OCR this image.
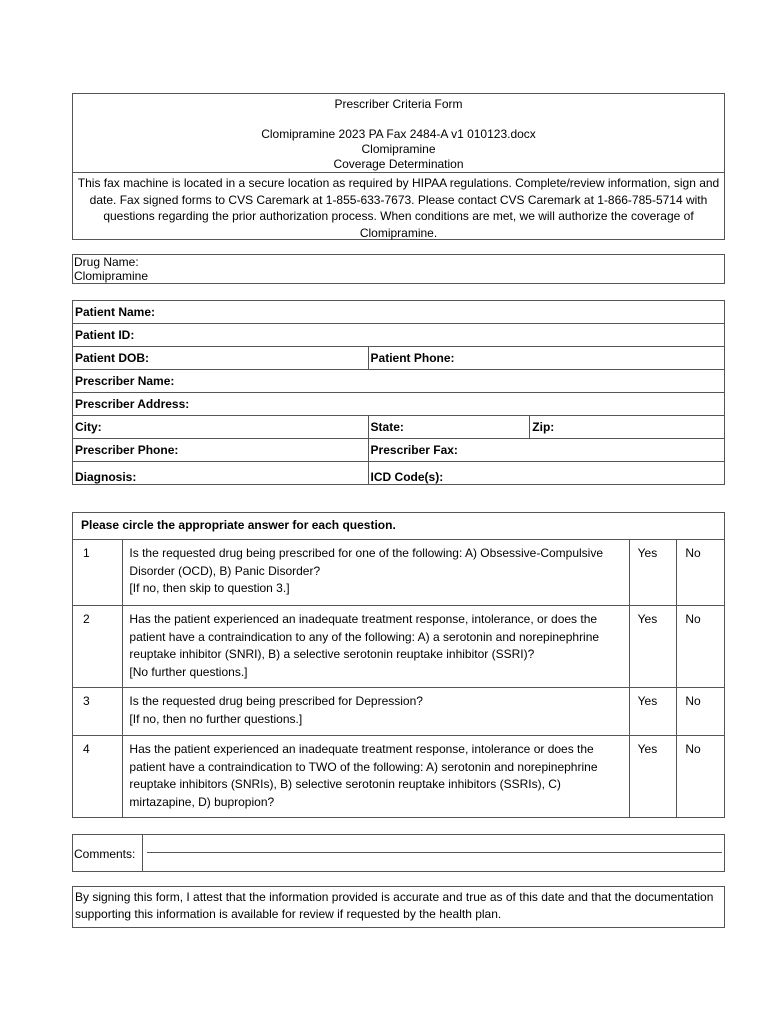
Prescriber Criteria Form
Clomipramine 2023 PA Fax 2484-A v1 010123.docx
Clomipramine
Coverage Determination
This fax machine is located in a secure location as required by HIPAA regulations. Complete/review information, sign and date. Fax signed forms to CVS Caremark at 1-855-633-7673. Please contact CVS Caremark at 1-866-785-5714 with questions regarding the prior authorization process. When conditions are met, we will authorize the coverage of Clomipramine.
Drug Name:
Clomipramine
Patient Name:		
Patient ID:		
Patient DOB:	Patient Phone:	
Prescriber Name:		
Prescriber Address:		
City:	State:	Zip:
Prescriber Phone:	Prescriber Fax:	
Diagnosis:	ICD Code(s):	
Please circle the appropriate answer for each question.			
1	Is the requested drug being prescribed for one of the following: A) Obsessive-Compulsive Disorder (OCD), B) Panic Disorder?
[If no, then skip to question 3.]	Yes	No
2	Has the patient experienced an inadequate treatment response, intolerance, or does the patient have a contraindication to any of the following: A) a serotonin and norepinephrine reuptake inhibitor (SNRI), B) a selective serotonin reuptake inhibitor (SSRI)?
[No further questions.]	Yes	No
3	Is the requested drug being prescribed for Depression?
[If no, then no further questions.]	Yes	No
4	Has the patient experienced an inadequate treatment response, intolerance or does the patient have a contraindication to TWO of the following: A) serotonin and norepinephrine reuptake inhibitors (SNRIs), B) selective serotonin reuptake inhibitors (SSRIs), C) mirtazapine, D) bupropion?	Yes	No
Comments:
By signing this form, I attest that the information provided is accurate and true as of this date and that the documentation supporting this information is available for review if requested by the health plan.
